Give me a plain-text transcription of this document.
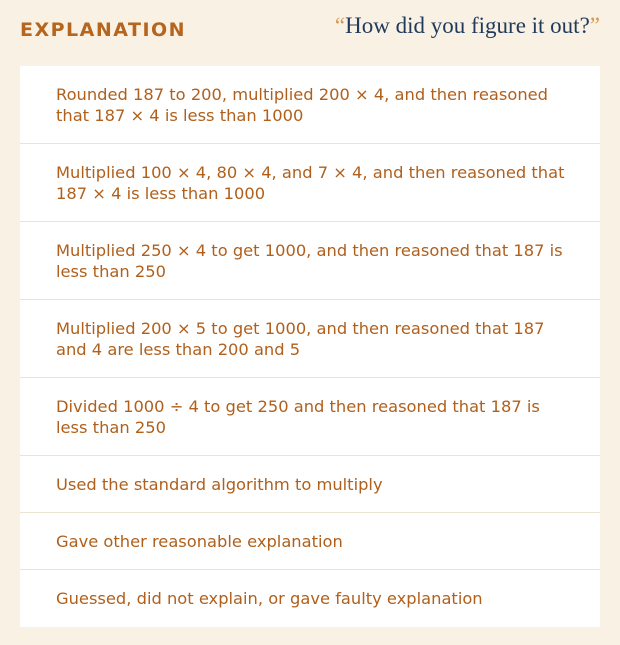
EXPLANATION	“How did you figure it out?”
Rounded 187 to 200, multiplied 200 × 4, and then reasoned that 187 × 4 is less than 1000
Multiplied 100 × 4, 80 × 4, and 7 × 4, and then reasoned that 187 × 4 is less than 1000
Multiplied 250 × 4 to get 1000, and then reasoned that 187 is less than 250
Multiplied 200 × 5 to get 1000, and then reasoned that 187 and 4 are less than 200 and 5
Divided 1000 ÷ 4 to get 250 and then reasoned that 187 is less than 250
Used the standard algorithm to multiply
Gave other reasonable explanation
Guessed, did not explain, or gave faulty explanation
